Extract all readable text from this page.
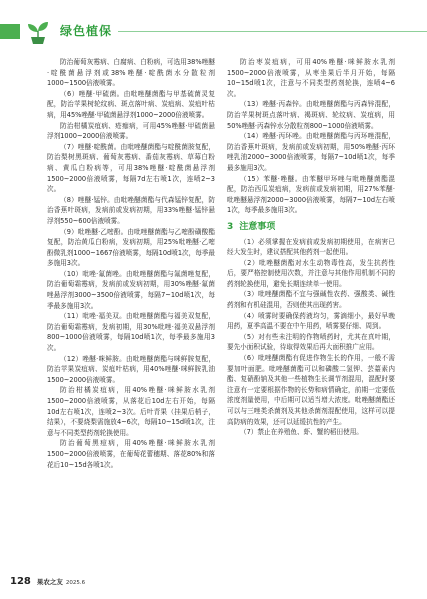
绿色植保

防治葡萄灰霉病、白腐病、白粉病，可选用38%唑醚·啶酰菌悬浮剂或38%唑醚·啶酰菌水分散粒剂1000~1500倍液喷雾。

（6）唑醚·甲硫菌。由吡唑醚菌酯与甲基硫菌灵复配，防治苹果树轮纹病、斑点落叶病、炭疽病、炭疽叶枯病，用45%唑醚·甲硫菌悬浮剂1000~2000倍液喷雾。

防治柑橘炭疽病、疮痂病，可用45%唑醚·甲硫菌悬浮剂1000~2000倍液喷雾。

（7）唑醚·啶酰菌。由吡唑醚菌酯与啶酰菌胺复配，防治梨树黑斑病、葡萄灰霉病、番茄灰霉病、草莓白粉病、黄瓜白粉病等，可用38%唑醚·啶酰菌悬浮剂1500~2000倍液喷雾，每隔7d左右喷1次，连喷2~3次。

（8）唑醚·锰锌。由吡唑醚菌酯与代森锰锌复配，防治香蕉叶斑病，发病前或发病初期，用33%唑醚·锰锌悬浮剂550~600倍液喷雾。

（9）吡唑醚·乙嘧酚。由吡唑醚菌酯与乙嘧酚磺酸酯复配，防治黄瓜白粉病，发病初期，用25%吡唑醚·乙嘧酚微乳剂1000~1667倍液喷雾，每隔10d喷1次，每季最多施用3次。

（10）吡唑·氟菌唑。由吡唑醚菌酯与氟菌唑复配，防治葡萄霜霉病，发病前或发病初期，用30%唑醚·氟菌唑悬浮剂3000~3500倍液喷雾，每隔7~10d喷1次，每季最多施用3次。

（11）吡唑·福美双。由吡唑醚菌酯与福美双复配，防治葡萄霜霉病，发病初期，用30%吡唑·福美双悬浮剂800~1000倍液喷雾，每隔10d喷1次，每季最多施用3次。

（12）唑醚·咪鲜胺。由吡唑醚菌酯与咪鲜胺复配，防治苹果炭疽病、炭疽叶枯病，用40%唑醚·咪鲜胺乳油1500~2000倍液喷雾。

防治柑橘炭疽病，用40%唑醚·咪鲜胺水乳剂1500~2000倍液喷雾，从落花后10d左右开始，每隔10d左右喷1次，连喷2~3次。后叶青果（挂果后梢子，结果），不要烧梨需施放4~6次，每隔10~15d喷1次，注意与不同类型药剂轮换使用。

防治葡萄黑痘病，用40%唑醚·咪鲜胺水乳剂1500~2000倍液喷雾，在葡萄花蕾穗期、落花80%和落花后10~15d各喷1次。

防治枣炭疽病，可用40%唑醚·咪鲜胺水乳剂1500~2000倍液喷雾，从枣坐果后半月开始，每隔10~15d喷1次，注意与不同类型药剂轮换，连喷4~6次。

（13）唑醚·丙森锌。由吡唑醚菌酯与丙森锌混配，防治苹果树斑点落叶病、褐斑病、轮纹病、炭疽病，用50%唑醚·丙森锌水分散粒剂800~1000倍液喷雾。

（14）唑醚·丙环唑。由吡唑醚菌酯与丙环唑混配，防治香蕉叶斑病，发病前或发病初期，用50%唑醚·丙环唑乳油2000~3000倍液喷雾，每隔7~10d喷1次，每季最多施用3次。

（15）苯醚·唑醚。由苯醚甲环唑与吡唑醚菌酯混配，防治西瓜炭疽病，发病前或发病初期，用27%苯醚·吡唑醚悬浮剂2000~3000倍液喷雾，每隔7~10d左右喷1次，每季最多施用3次。

3 注意事项

（1）必须掌握在发病前或发病初期使用，在病害已经大发生时，建议搭配其他药剂一起使用。

（2）吡唑醚菌酯对水生动物毒性高，发生抗药性后，要严格控制使用次数，并注意与其他作用机制不同的药剂轮换使用，避免长期连续单一使用。

（3）吡唑醚菌酯不宜与强碱性农药、强酸类、碱性药剂和有机硅混用，否则使其出现药害。

（4）喷雾时要确保药液均匀，雾滴细小，最好早晚用药，夏季高温不要在中午用药，喷雾要仔细、周到。

（5）对有些未注明的作物喷药时，尤其在真叶期，要先小面积试验，待取得效果后再大面积推广应用。

（6）吡唑醚菌酯有促进作物生长的作用，一般不需要加叶面肥。吡唑醚菌酯可以和磷酸二氢钾、芸薹素内酯、复硝酚钠及其他一些植物生长调节剂混用，混配时要注意有一定要根据作物的长势和病情确定，前期一定要低浓度剂量使用，中后期可以适当增大浓度。吡唑醚菌酯还可以与三唑类杀菌剂及其他杀菌剂混配使用，这样可以提高防病的效果，还可以延缓抗性的产生。

（7）禁止在养殖鱼、虾、蟹的稻田使用。

128 果农之友 2025.6
